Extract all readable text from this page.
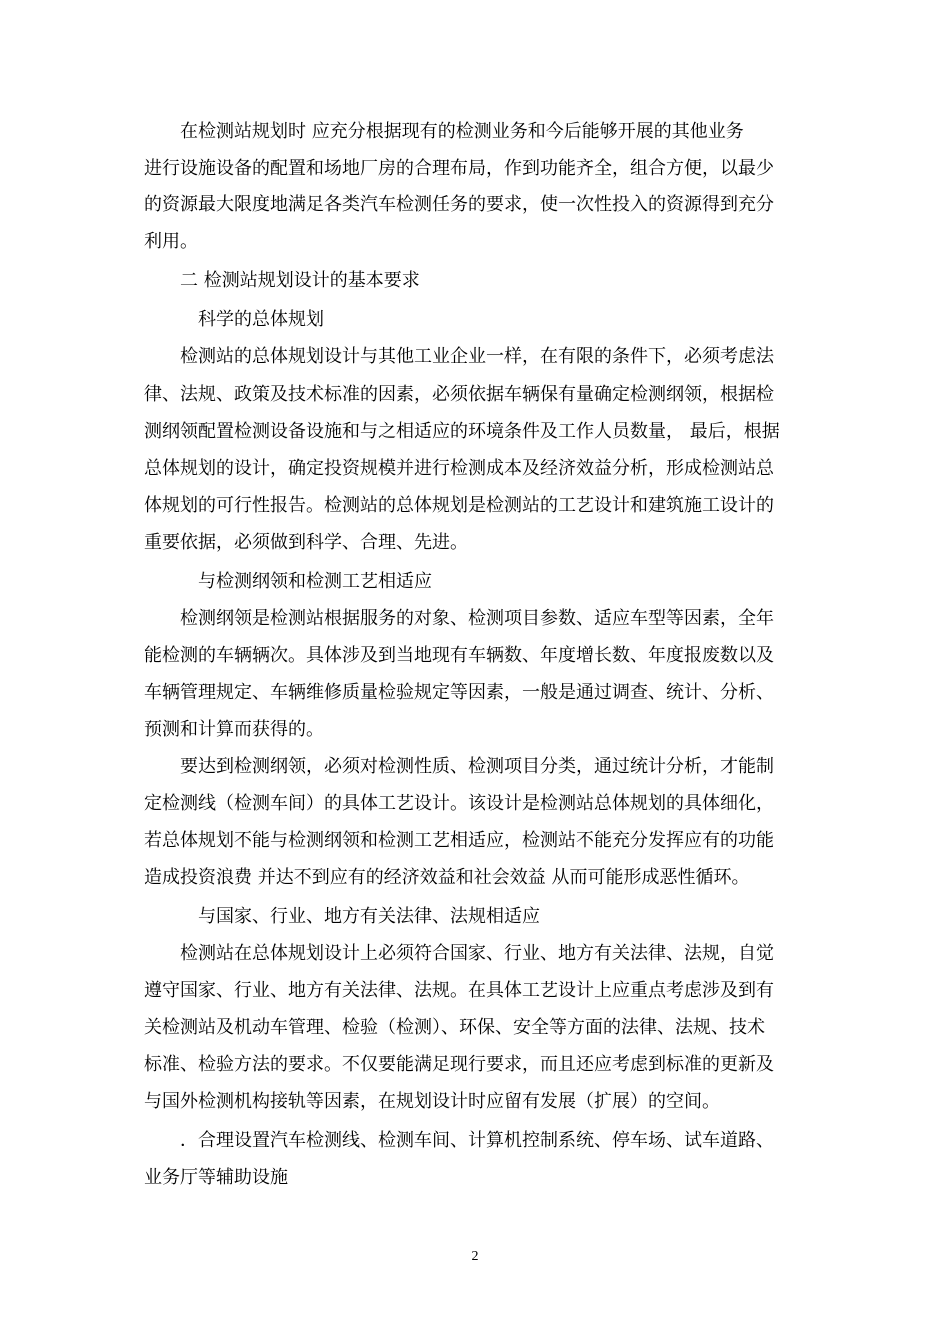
　　在检测站规划时 应充分根据现有的检测业务和今后能够开展的其他业务
进行设施设备的配置和场地厂房的合理布局，作到功能齐全，组合方便，以最少
的资源最大限度地满足各类汽车检测任务的要求，使一次性投入的资源得到充分
利用。
　　二 检测站规划设计的基本要求
　　　科学的总体规划
　　检测站的总体规划设计与其他工业企业一样，在有限的条件下，必须考虑法
律、法规、政策及技术标准的因素，必须依据车辆保有量确定检测纲领，根据检
测纲领配置检测设备设施和与之相适应的环境条件及工作人员数量， 最后，根据
总体规划的设计，确定投资规模并进行检测成本及经济效益分析，形成检测站总
体规划的可行性报告。检测站的总体规划是检测站的工艺设计和建筑施工设计的
重要依据，必须做到科学、合理、先进。
　　　与检测纲领和检测工艺相适应
　　检测纲领是检测站根据服务的对象、检测项目参数、适应车型等因素，全年
能检测的车辆辆次。具体涉及到当地现有车辆数、年度增长数、年度报废数以及
车辆管理规定、车辆维修质量检验规定等因素，一般是通过调查、统计、分析、
预测和计算而获得的。
　　要达到检测纲领，必须对检测性质、检测项目分类，通过统计分析，才能制
定检测线（检测车间）的具体工艺设计。该设计是检测站总体规划的具体细化，
若总体规划不能与检测纲领和检测工艺相适应，检测站不能充分发挥应有的功能
造成投资浪费 并达不到应有的经济效益和社会效益 从而可能形成恶性循环。
　　　与国家、行业、地方有关法律、法规相适应
　　检测站在总体规划设计上必须符合国家、行业、地方有关法律、法规，自觉
遵守国家、行业、地方有关法律、法规。在具体工艺设计上应重点考虑涉及到有
关检测站及机动车管理、检验（检测）、环保、安全等方面的法律、法规、技术
标准、检验方法的要求。不仅要能满足现行要求，而且还应考虑到标准的更新及
与国外检测机构接轨等因素，在规划设计时应留有发展（扩展）的空间。
　　．合理设置汽车检测线、检测车间、计算机控制系统、停车场、试车道路、
业务厅等辅助设施
2
